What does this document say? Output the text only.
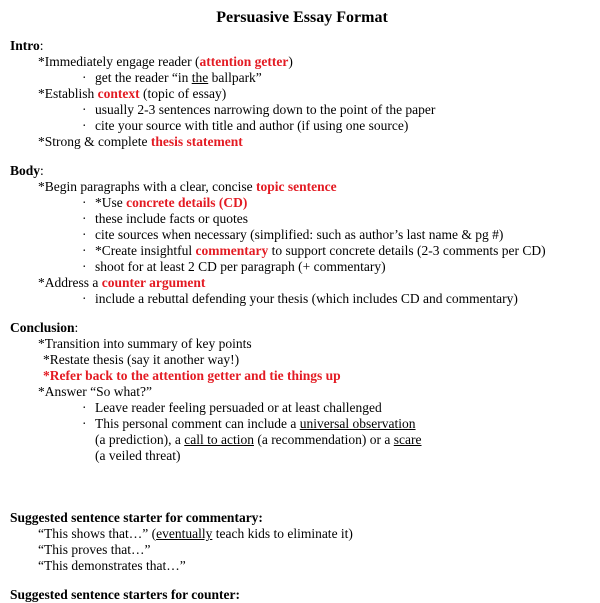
Persuasive Essay Format
Intro:
*Immediately engage reader (attention getter)
· get the reader “in the ballpark”
*Establish context (topic of essay)
· usually 2-3 sentences narrowing down to the point of the paper
· cite your source with title and author (if using one source)
*Strong & complete thesis statement
Body:
*Begin paragraphs with a clear, concise topic sentence
· *Use concrete details (CD)
· these include facts or quotes
· cite sources when necessary (simplified: such as author’s last name & pg #)
· *Create insightful commentary to support concrete details (2-3 comments per CD)
· shoot for at least 2 CD per paragraph (+ commentary)
*Address a counter argument
· include a rebuttal defending your thesis (which includes CD and commentary)
Conclusion:
*Transition into summary of key points
*Restate thesis (say it another way!)
*Refer back to the attention getter and tie things up
*Answer “So what?”
· Leave reader feeling persuaded or at least challenged
· This personal comment can include a universal observation
(a prediction), a call to action (a recommendation) or a scare
(a veiled threat)
Suggested sentence starter for commentary:
“This shows that…” (eventually teach kids to eliminate it)
“This proves that…”
“This demonstrates that…”
Suggested sentence starters for counter:
